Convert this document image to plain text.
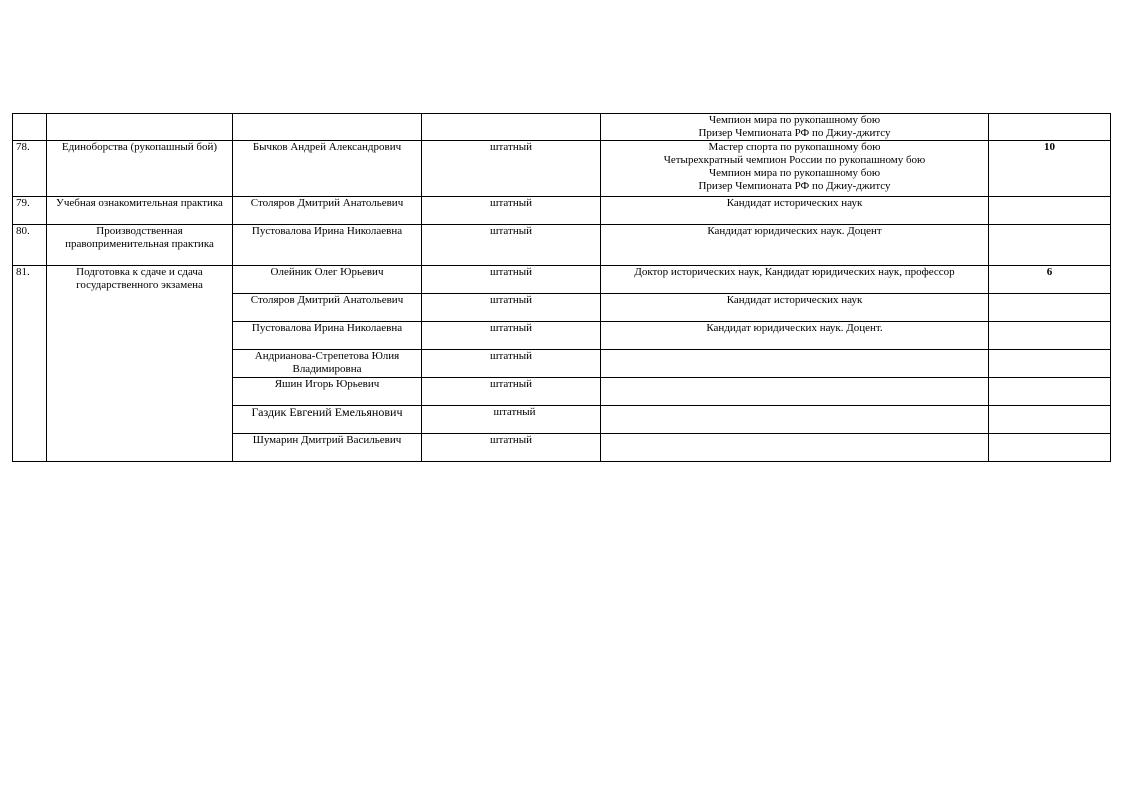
				Чемпион мира по рукопашному бою
Призер Чемпионата РФ по Джиу-джитсу	

78.	Единоборства (рукопашный бой)	Бычков Андрей Александрович	штатный	Мастер спорта по рукопашному бою
Четырехкратный чемпион России по рукопашному бою
Чемпион мира по рукопашному бою
Призер Чемпионата РФ по Джиу-джитсу	10
79.	Учебная ознакомительная практика	Столяров Дмитрий Анатольевич	штатный	Кандидат исторических наук	

80.	Производственная правоприменительная практика	Пустовалова Ирина Николаевна	штатный	Кандидат юридических наук. Доцент	

81.	Подготовка к сдаче и сдача государственного экзамена	Олейник Олег Юрьевич	штатный	Доктор исторических наук, Кандидат юридических наук, профессор	6
		Столяров Дмитрий Анатольевич	штатный	Кандидат исторических наук	

		Пустовалова Ирина Николаевна	штатный	Кандидат юридических наук. Доцент.	

		Андрианова-Стрепетова Юлия Владимировна	штатный	

		Яшин Игорь Юрьевич	штатный	

		Газдик Евгений Емельянович	штатный	

		Шумарин Дмитрий Васильевич	штатный	
